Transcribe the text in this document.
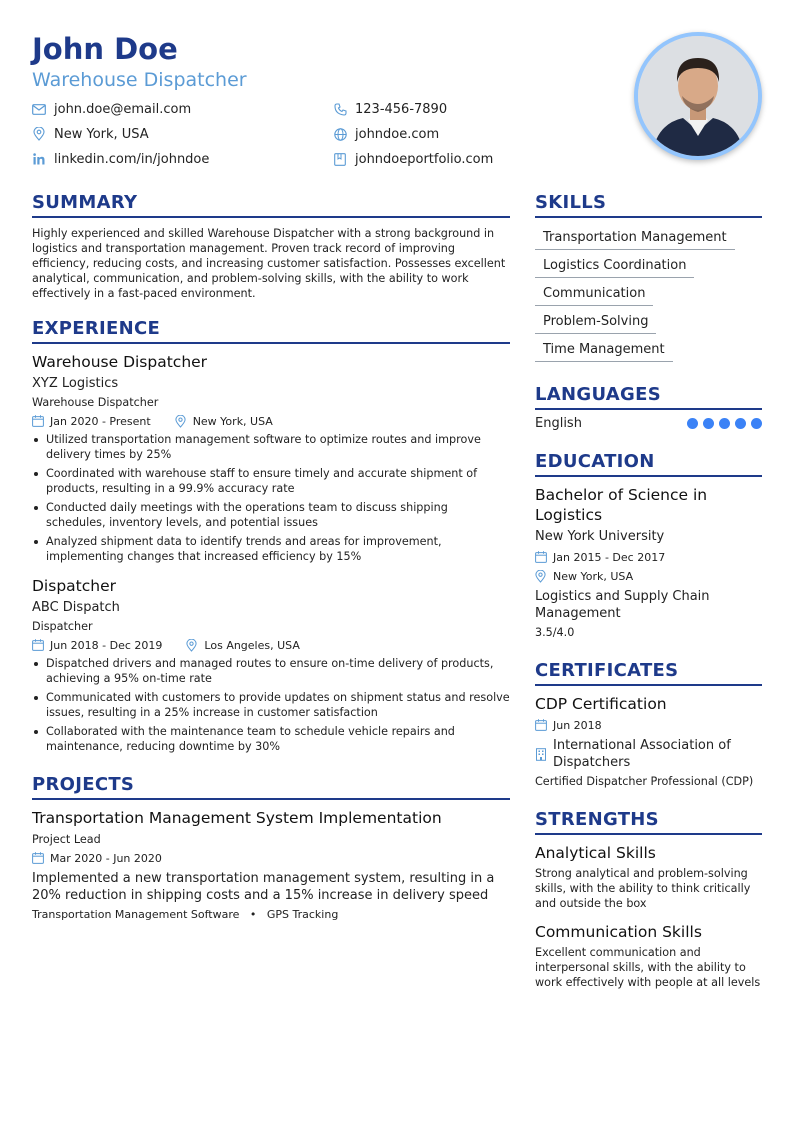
John Doe
Warehouse Dispatcher
john.doe@email.com	123-456-7890
New York, USA	johndoe.com
linkedin.com/in/johndoe	johndoeportfolio.com
SUMMARY
Highly experienced and skilled Warehouse Dispatcher with a strong background in logistics and transportation management. Proven track record of improving efficiency, reducing costs, and increasing customer satisfaction. Possesses excellent analytical, communication, and problem-solving skills, with the ability to work effectively in a fast-paced environment.
EXPERIENCE
Warehouse Dispatcher
XYZ Logistics
Warehouse Dispatcher
Jan 2020 - Present	New York, USA
Utilized transportation management software to optimize routes and improve delivery times by 25%
Coordinated with warehouse staff to ensure timely and accurate shipment of products, resulting in a 99.9% accuracy rate
Conducted daily meetings with the operations team to discuss shipping schedules, inventory levels, and potential issues
Analyzed shipment data to identify trends and areas for improvement, implementing changes that increased efficiency by 15%
Dispatcher
ABC Dispatch
Dispatcher
Jun 2018 - Dec 2019	Los Angeles, USA
Dispatched drivers and managed routes to ensure on-time delivery of products, achieving a 95% on-time rate
Communicated with customers to provide updates on shipment status and resolve issues, resulting in a 25% increase in customer satisfaction
Collaborated with the maintenance team to schedule vehicle repairs and maintenance, reducing downtime by 30%
PROJECTS
Transportation Management System Implementation
Project Lead
Mar 2020 - Jun 2020
Implemented a new transportation management system, resulting in a 20% reduction in shipping costs and a 15% increase in delivery speed
Transportation Management Software • GPS Tracking
SKILLS
Transportation Management
Logistics Coordination
Communication
Problem-Solving
Time Management
LANGUAGES
English
EDUCATION
Bachelor of Science in Logistics
New York University
Jan 2015 - Dec 2017
New York, USA
Logistics and Supply Chain Management
3.5/4.0
CERTIFICATES
CDP Certification
Jun 2018
International Association of Dispatchers
Certified Dispatcher Professional (CDP)
STRENGTHS
Analytical Skills
Strong analytical and problem-solving skills, with the ability to think critically and outside the box
Communication Skills
Excellent communication and interpersonal skills, with the ability to work effectively with people at all levels
